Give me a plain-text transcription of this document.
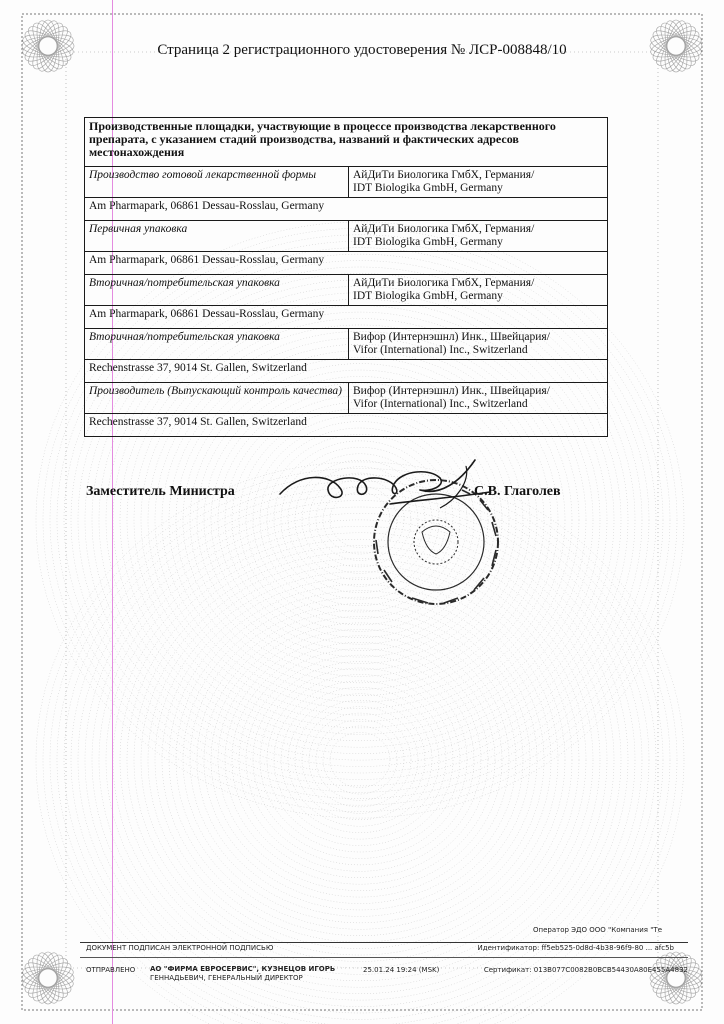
Страница 2 регистрационного удостоверения № ЛСР-008848/10
Производственные площадки, участвующие в процессе производства лекарственного препарата, с указанием стадий производства, названий и фактических адресов местонахождения	
Производство готовой лекарственной формы	АйДиТи Биологика ГмбХ, Германия/
IDT Biologika GmbH, Germany

Am Pharmapark, 06861 Dessau-Rosslau, Germany	
Первичная упаковка	АйДиТи Биологика ГмбХ, Германия/
IDT Biologika GmbH, Germany

Am Pharmapark, 06861 Dessau-Rosslau, Germany	
Вторичная/потребительская упаковка	АйДиТи Биологика ГмбХ, Германия/
IDT Biologika GmbH, Germany

Am Pharmapark, 06861 Dessau-Rosslau, Germany	
Вторичная/потребительская упаковка	Вифор (Интернэшнл) Инк., Швейцария/
Vifor (International) Inc., Switzerland

Rechenstrasse 37, 9014 St. Gallen, Switzerland	
Производитель (Выпускающий контроль качества)	Вифор (Интернэшнл) Инк., Швейцария/
Vifor (International) Inc., Switzerland

Rechenstrasse 37, 9014 St. Gallen, Switzerland	
Заместитель Министра	С.В. Глаголев
Оператор ЭДО ООО "Компания "Те
ДОКУМЕНТ ПОДПИСАН ЭЛЕКТРОННОЙ ПОДПИСЬЮ	Идентификатор: ff5eb525-0d8d-4b38-96f9-80 ... afc5b
ОТПРАВЛЕНО АО "ФИРМА ЕВРОСЕРВИС", КУЗНЕЦОВ ИГОРЬ
ГЕННАДЬЕВИЧ, ГЕНЕРАЛЬНЫЙ ДИРЕКТОР
25.01.24 19:24 (MSK)	Сертификат: 013B077C0082B0BCB54430A80E455A4832
